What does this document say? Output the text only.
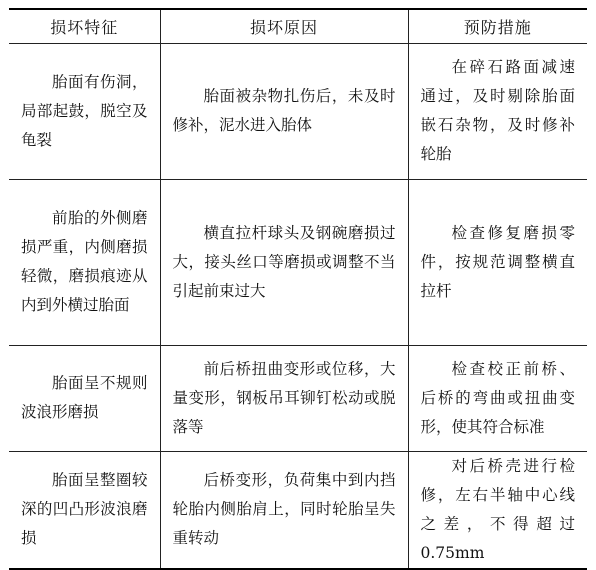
损坏特征	损坏原因	预防措施

胎面有伤洞，局部起鼓，脱空及龟裂	胎面被杂物扎伤后，未及时修补，泥水进入胎体	在碎石路面减速通过，及时剔除胎面嵌石杂物，及时修补轮胎

前胎的外侧磨损严重，内侧磨损轻微，磨损痕迹从内到外横过胎面	横直拉杆球头及钢碗磨损过大，接头丝口等磨损或调整不当引起前束过大	检查修复磨损零件，按规范调整横直拉杆

胎面呈不规则波浪形磨损	前后桥扭曲变形或位移，大量变形，钢板吊耳铆钉松动或脱落等	检查校正前桥、后桥的弯曲或扭曲变形，使其符合标准

胎面呈整圈较深的凹凸形波浪磨损	后桥变形，负荷集中到内挡轮胎内侧胎肩上，同时轮胎呈失重转动	对后桥壳进行检修，左右半轴中心线之差，不得超过0.75mm
